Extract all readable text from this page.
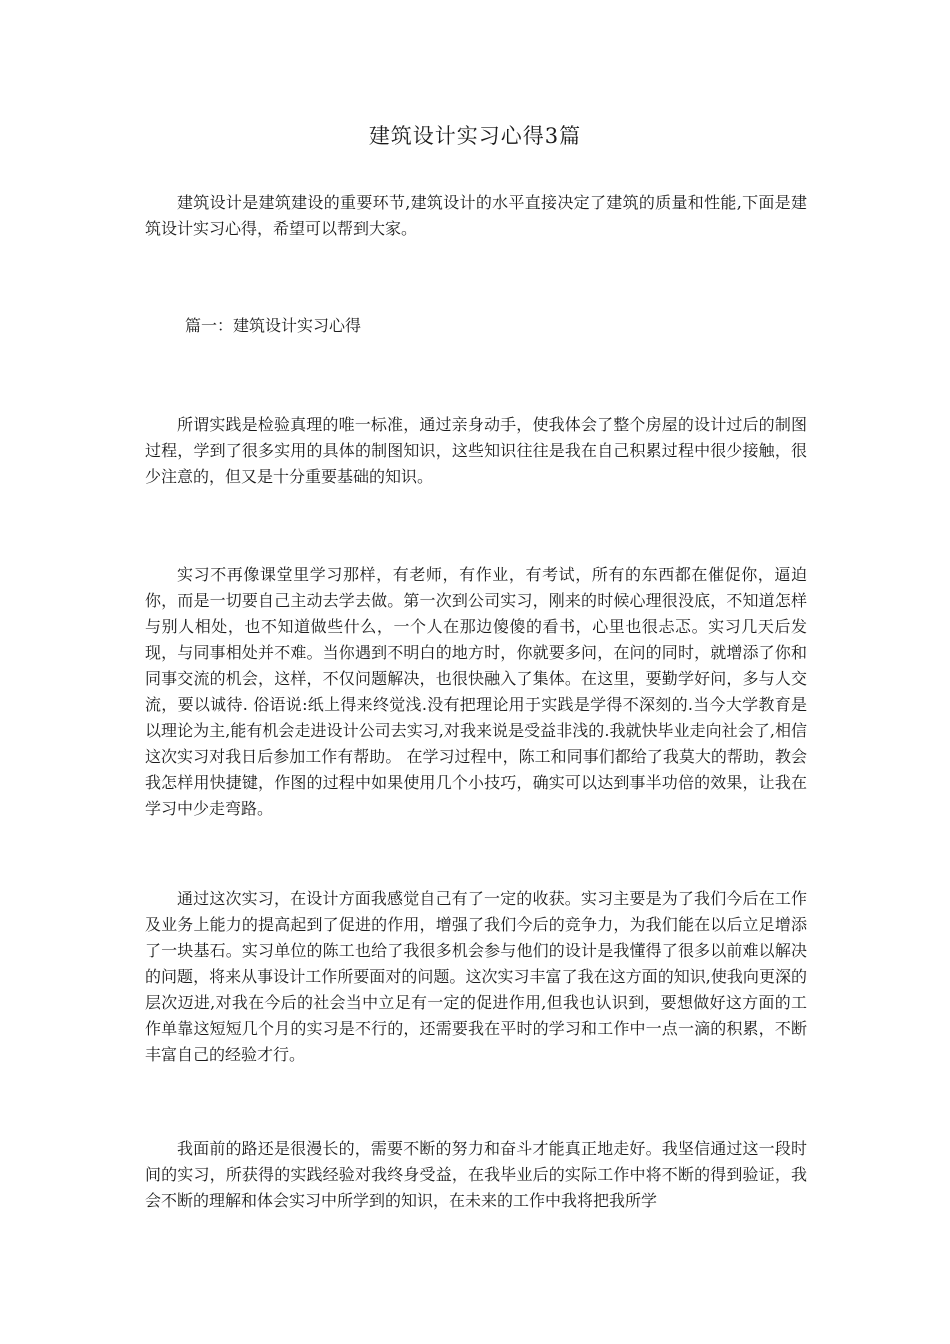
建筑设计实习心得3篇

建筑设计是建筑建设的重要环节,建筑设计的水平直接决定了建筑的质量和性能,下面是建筑设计实习心得，希望可以帮到大家。

篇一：建筑设计实习心得

所谓实践是检验真理的唯一标准，通过亲身动手，使我体会了整个房屋的设计过后的制图过程，学到了很多实用的具体的制图知识，这些知识往往是我在自己积累过程中很少接触，很少注意的，但又是十分重要基础的知识。

实习不再像课堂里学习那样，有老师，有作业，有考试，所有的东西都在催促你，逼迫你，而是一切要自己主动去学去做。第一次到公司实习，刚来的时候心理很没底，不知道怎样与别人相处，也不知道做些什么，一个人在那边傻傻的看书，心里也很忐忑。实习几天后发现，与同事相处并不难。当你遇到不明白的地方时，你就要多问，在问的同时，就增添了你和同事交流的机会，这样，不仅问题解决，也很快融入了集体。在这里，要勤学好问，多与人交流，要以诚待. 俗语说:纸上得来终觉浅.没有把理论用于实践是学得不深刻的.当今大学教育是以理论为主,能有机会走进设计公司去实习,对我来说是受益非浅的.我就快毕业走向社会了,相信这次实习对我日后参加工作有帮助。 在学习过程中，陈工和同事们都给了我莫大的帮助，教会我怎样用快捷键，作图的过程中如果使用几个小技巧，确实可以达到事半功倍的效果，让我在学习中少走弯路。

通过这次实习，在设计方面我感觉自己有了一定的收获。实习主要是为了我们今后在工作及业务上能力的提高起到了促进的作用，增强了我们今后的竞争力，为我们能在以后立足增添了一块基石。实习单位的陈工也给了我很多机会参与他们的设计是我懂得了很多以前难以解决的问题，将来从事设计工作所要面对的问题。这次实习丰富了我在这方面的知识,使我向更深的层次迈进,对我在今后的社会当中立足有一定的促进作用,但我也认识到，要想做好这方面的工作单靠这短短几个月的实习是不行的，还需要我在平时的学习和工作中一点一滴的积累，不断丰富自己的经验才行。

我面前的路还是很漫长的，需要不断的努力和奋斗才能真正地走好。我坚信通过这一段时间的实习，所获得的实践经验对我终身受益，在我毕业后的实际工作中将不断的得到验证，我会不断的理解和体会实习中所学到的知识，在未来的工作中我将把我所学
